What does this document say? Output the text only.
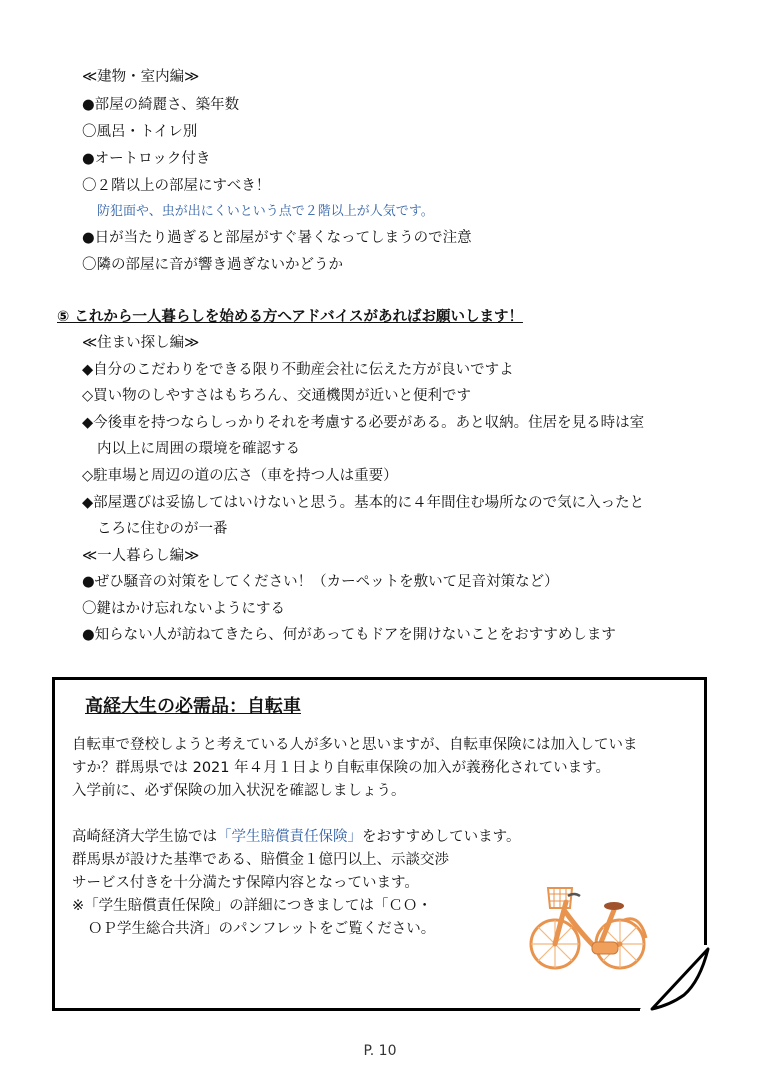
≪建物・室内編≫
●部屋の綺麗さ、築年数
〇風呂・トイレ別
●オートロック付き
〇２階以上の部屋にすべき！
防犯面や、虫が出にくいという点で２階以上が人気です。
●日が当たり過ぎると部屋がすぐ暑くなってしまうので注意
〇隣の部屋に音が響き過ぎないかどうか
⑤ これから一人暮らしを始める方へアドバイスがあればお願いします！
≪住まい探し編≫
◆自分のこだわりをできる限り不動産会社に伝えた方が良いですよ
◇買い物のしやすさはもちろん、交通機関が近いと便利です
◆今後車を持つならしっかりそれを考慮する必要がある。あと収納。住居を見る時は室
内以上に周囲の環境を確認する
◇駐車場と周辺の道の広さ（車を持つ人は重要）
◆部屋選びは妥協してはいけないと思う。基本的に４年間住む場所なので気に入ったと
ころに住むのが一番
≪一人暮らし編≫
●ぜひ騒音の対策をしてください！（カーペットを敷いて足音対策など）
〇鍵はかけ忘れないようにする
●知らない人が訪ねてきたら、何があってもドアを開けないことをおすすめします
高経大生の必需品：自転車
自転車で登校しようと考えている人が多いと思いますが、自転車保険には加入していま
すか？群馬県では 2021 年４月１日より自転車保険の加入が義務化されています。
入学前に、必ず保険の加入状況を確認しましょう。
高崎経済大学生協では「学生賠償責任保険」をおすすめしています。
群馬県が設けた基準である、賠償金１億円以上、示談交渉
サービス付きを十分満たす保障内容となっています。
※「学生賠償責任保険」の詳細につきましては「ＣＯ・
ＯＰ学生総合共済」のパンフレットをご覧ください。
P. 10
